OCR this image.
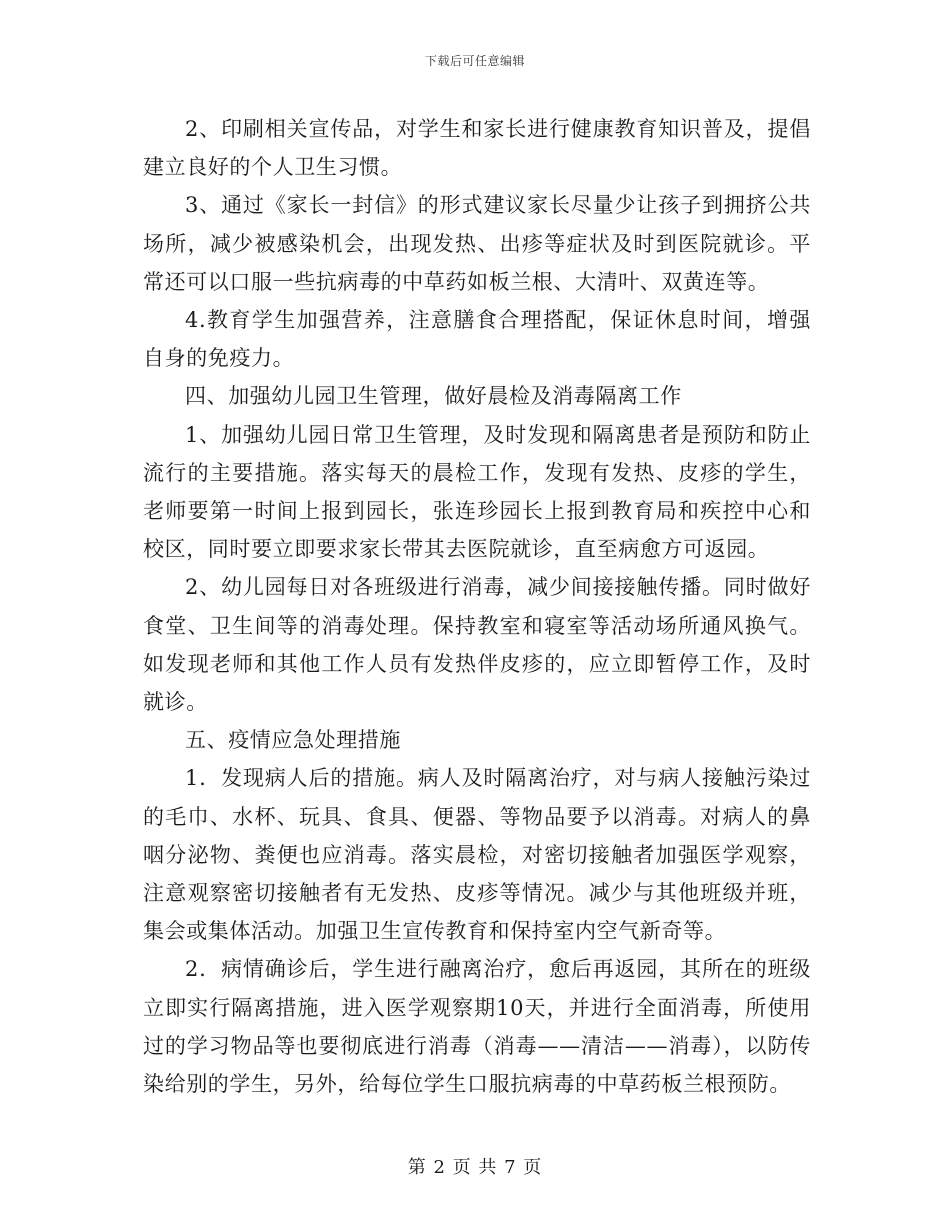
下载后可任意编辑

2、印刷相关宣传品，对学生和家长进行健康教育知识普及，提倡建立良好的个人卫生习惯。

3、通过《家长一封信》的形式建议家长尽量少让孩子到拥挤公共场所，减少被感染机会，出现发热、出疹等症状及时到医院就诊。平常还可以口服一些抗病毒的中草药如板兰根、大清叶、双黄连等。

4.教育学生加强营养，注意膳食合理搭配，保证休息时间，增强自身的免疫力。

四、加强幼儿园卫生管理，做好晨检及消毒隔离工作

1、加强幼儿园日常卫生管理，及时发现和隔离患者是预防和防止流行的主要措施。落实每天的晨检工作，发现有发热、皮疹的学生，老师要第一时间上报到园长，张连珍园长上报到教育局和疾控中心和校区，同时要立即要求家长带其去医院就诊，直至病愈方可返园。

2、幼儿园每日对各班级进行消毒，减少间接接触传播。同时做好食堂、卫生间等的消毒处理。保持教室和寝室等活动场所通风换气。如发现老师和其他工作人员有发热伴皮疹的，应立即暂停工作，及时就诊。

五、疫情应急处理措施

1．发现病人后的措施。病人及时隔离治疗，对与病人接触污染过的毛巾、水杯、玩具、食具、便器、等物品要予以消毒。对病人的鼻咽分泌物、粪便也应消毒。落实晨检，对密切接触者加强医学观察，注意观察密切接触者有无发热、皮疹等情况。减少与其他班级并班，集会或集体活动。加强卫生宣传教育和保持室内空气新奇等。

2．病情确诊后，学生进行融离治疗，愈后再返园，其所在的班级立即实行隔离措施，进入医学观察期10天，并进行全面消毒，所使用过的学习物品等也要彻底进行消毒（消毒——清洁——消毒），以防传染给别的学生，另外，给每位学生口服抗病毒的中草药板兰根预防。

第 2 页 共 7 页
